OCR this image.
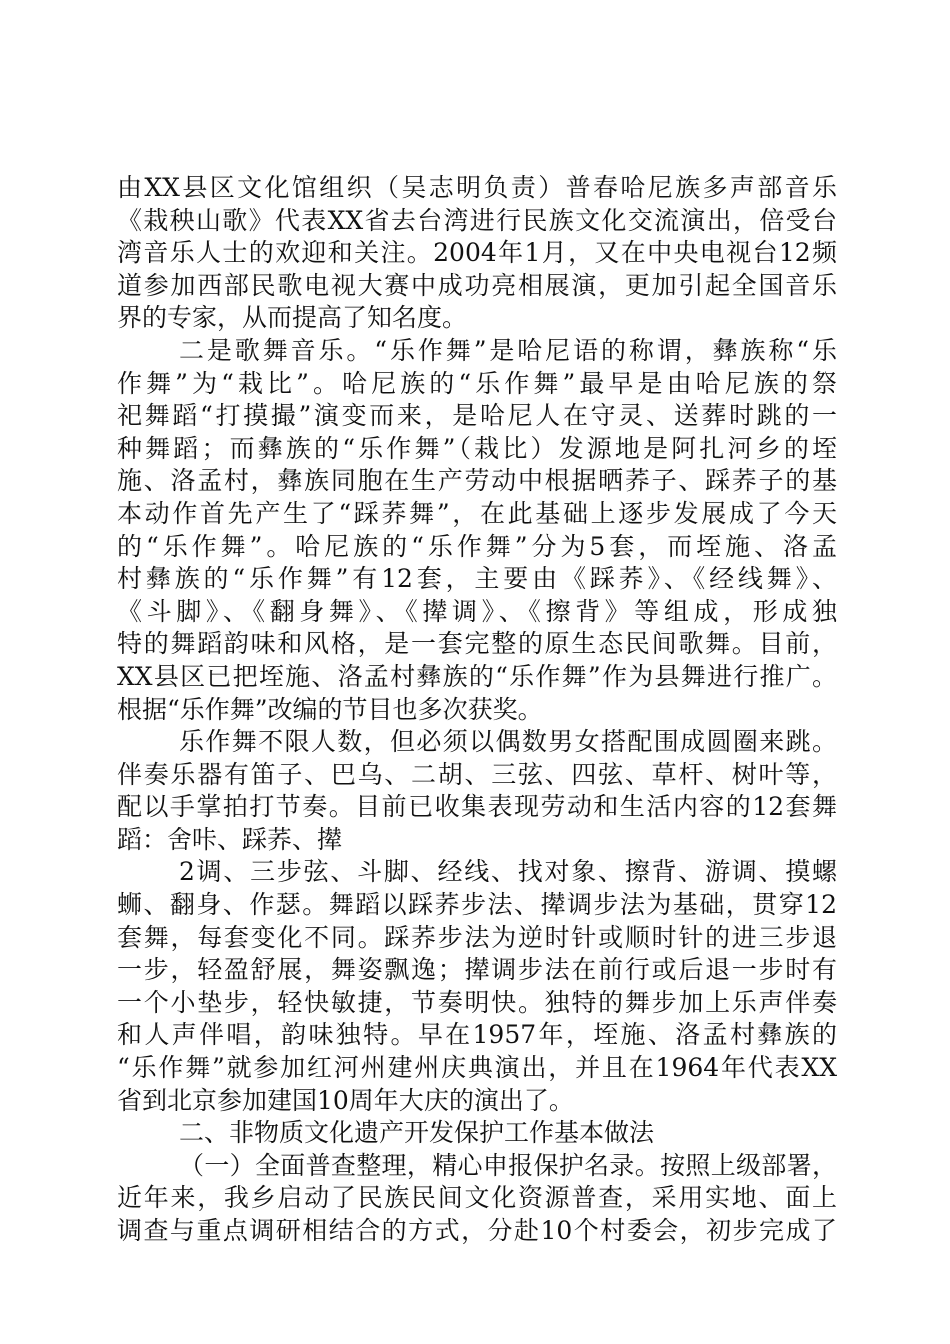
由XX县区文化馆组织（吴志明负责）普春哈尼族多声部音乐
《栽秧山歌》代表XX省去台湾进行民族文化交流演出，倍受台
湾音乐人士的欢迎和关注。2004年1月，又在中央电视台12频
道参加西部民歌电视大赛中成功亮相展演，更加引起全国音乐
界的专家，从而提高了知名度。
二是歌舞音乐。“乐作舞”是哈尼语的称谓，彝族称“乐
作舞”为“栽比”。哈尼族的“乐作舞”最早是由哈尼族的祭
祀舞蹈“打摸撮”演变而来，是哈尼人在守灵、送葬时跳的一
种舞蹈；而彝族的“乐作舞”（栽比）发源地是阿扎河乡的垤
施、洛孟村，彝族同胞在生产劳动中根据晒荞子、踩荞子的基
本动作首先产生了“踩荞舞”，在此基础上逐步发展成了今天
的“乐作舞”。哈尼族的“乐作舞”分为5套，而垤施、洛孟
村彝族的“乐作舞”有12套，主要由《踩荞》、《经线舞》、
《斗脚》、《翻身舞》、《撵调》、《擦背》等组成，形成独
特的舞蹈韵味和风格，是一套完整的原生态民间歌舞。目前，
XX县区已把垤施、洛孟村彝族的“乐作舞”作为县舞进行推广。
根据“乐作舞”改编的节目也多次获奖。
乐作舞不限人数，但必须以偶数男女搭配围成圆圈来跳。
伴奏乐器有笛子、巴乌、二胡、三弦、四弦、草杆、树叶等，
配以手掌拍打节奏。目前已收集表现劳动和生活内容的12套舞
蹈：舍咔、踩荞、撵
2调、三步弦、斗脚、经线、找对象、擦背、游调、摸螺
蛳、翻身、作瑟。舞蹈以踩荞步法、撵调步法为基础，贯穿12
套舞，每套变化不同。踩荞步法为逆时针或顺时针的进三步退
一步，轻盈舒展，舞姿飘逸；撵调步法在前行或后退一步时有
一个小垫步，轻快敏捷，节奏明快。独特的舞步加上乐声伴奏
和人声伴唱，韵味独特。早在1957年，垤施、洛孟村彝族的
“乐作舞”就参加红河州建州庆典演出，并且在1964年代表XX
省到北京参加建国10周年大庆的演出了。
二、非物质文化遗产开发保护工作基本做法
（一）全面普查整理，精心申报保护名录。按照上级部署，
近年来，我乡启动了民族民间文化资源普查，采用实地、面上
调查与重点调研相结合的方式，分赴10个村委会，初步完成了
